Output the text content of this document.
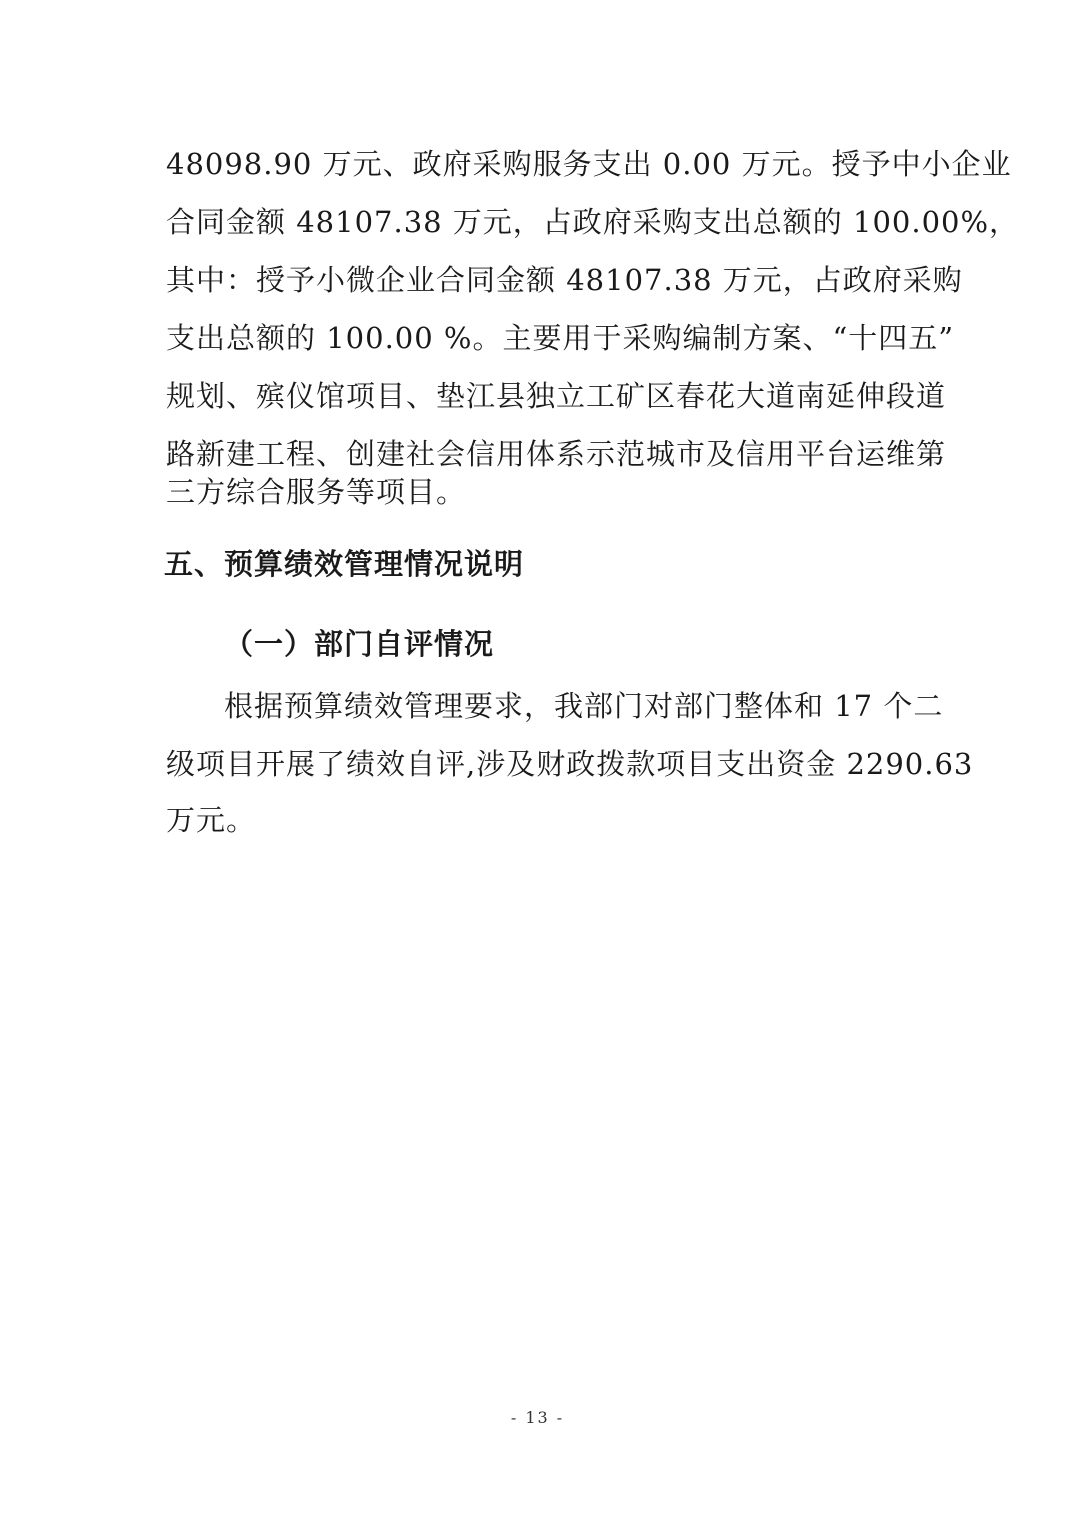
48098.90 万元、政府采购服务支出 0.00 万元。授予中小企业
合同金额 48107.38 万元，占政府采购支出总额的 100.00%，
其中：授予小微企业合同金额 48107.38 万元，占政府采购
支出总额的 100.00 %。主要用于采购编制方案、“十四五”
规划、殡仪馆项目、垫江县独立工矿区春花大道南延伸段道
路新建工程、创建社会信用体系示范城市及信用平台运维第
三方综合服务等项目。
五、预算绩效管理情况说明
（一）部门自评情况
根据预算绩效管理要求，我部门对部门整体和 17 个二
级项目开展了绩效自评,涉及财政拨款项目支出资金 2290.63
万元。
- 13 -
